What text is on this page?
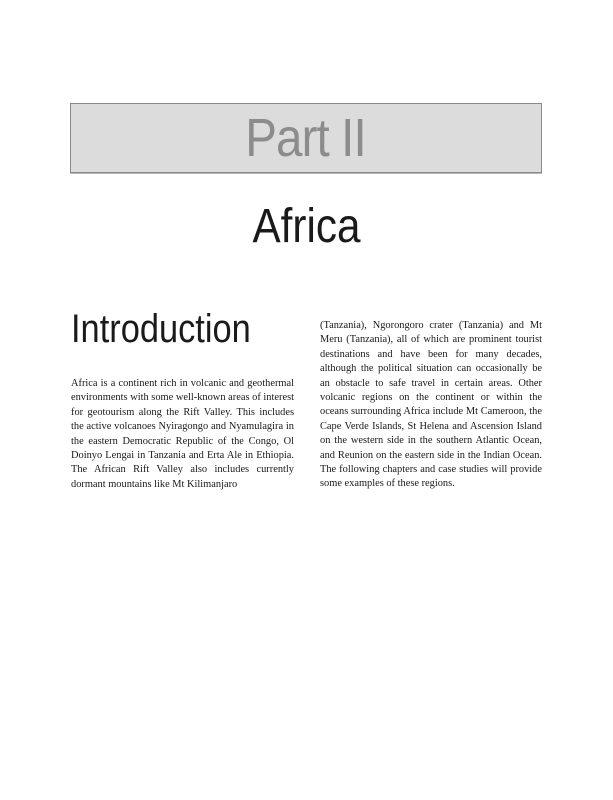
Part II
Africa
Introduction

Africa is a continent rich in volcanic and geothermal environments with some well-known areas of interest for geotourism along the Rift Valley. This includes the active volcanoes Nyiragongo and Nyamulagira in the eastern Democratic Republic of the Congo, Ol Doinyo Lengai in Tanzania and Erta Ale in Ethiopia. The African Rift Valley also includes currently dormant mountains like Mt Kilimanjaro

(Tanzania), Ngorongoro crater (Tanzania) and Mt Meru (Tanzania), all of which are prominent tourist destinations and have been for many decades, although the political situation can occasionally be an obstacle to safe travel in certain areas. Other volcanic regions on the continent or within the oceans surrounding Africa include Mt Cameroon, the Cape Verde Islands, St Helena and Ascension Island on the western side in the southern Atlantic Ocean, and Reunion on the eastern side in the Indian Ocean. The following chapters and case studies will provide some examples of these regions.
